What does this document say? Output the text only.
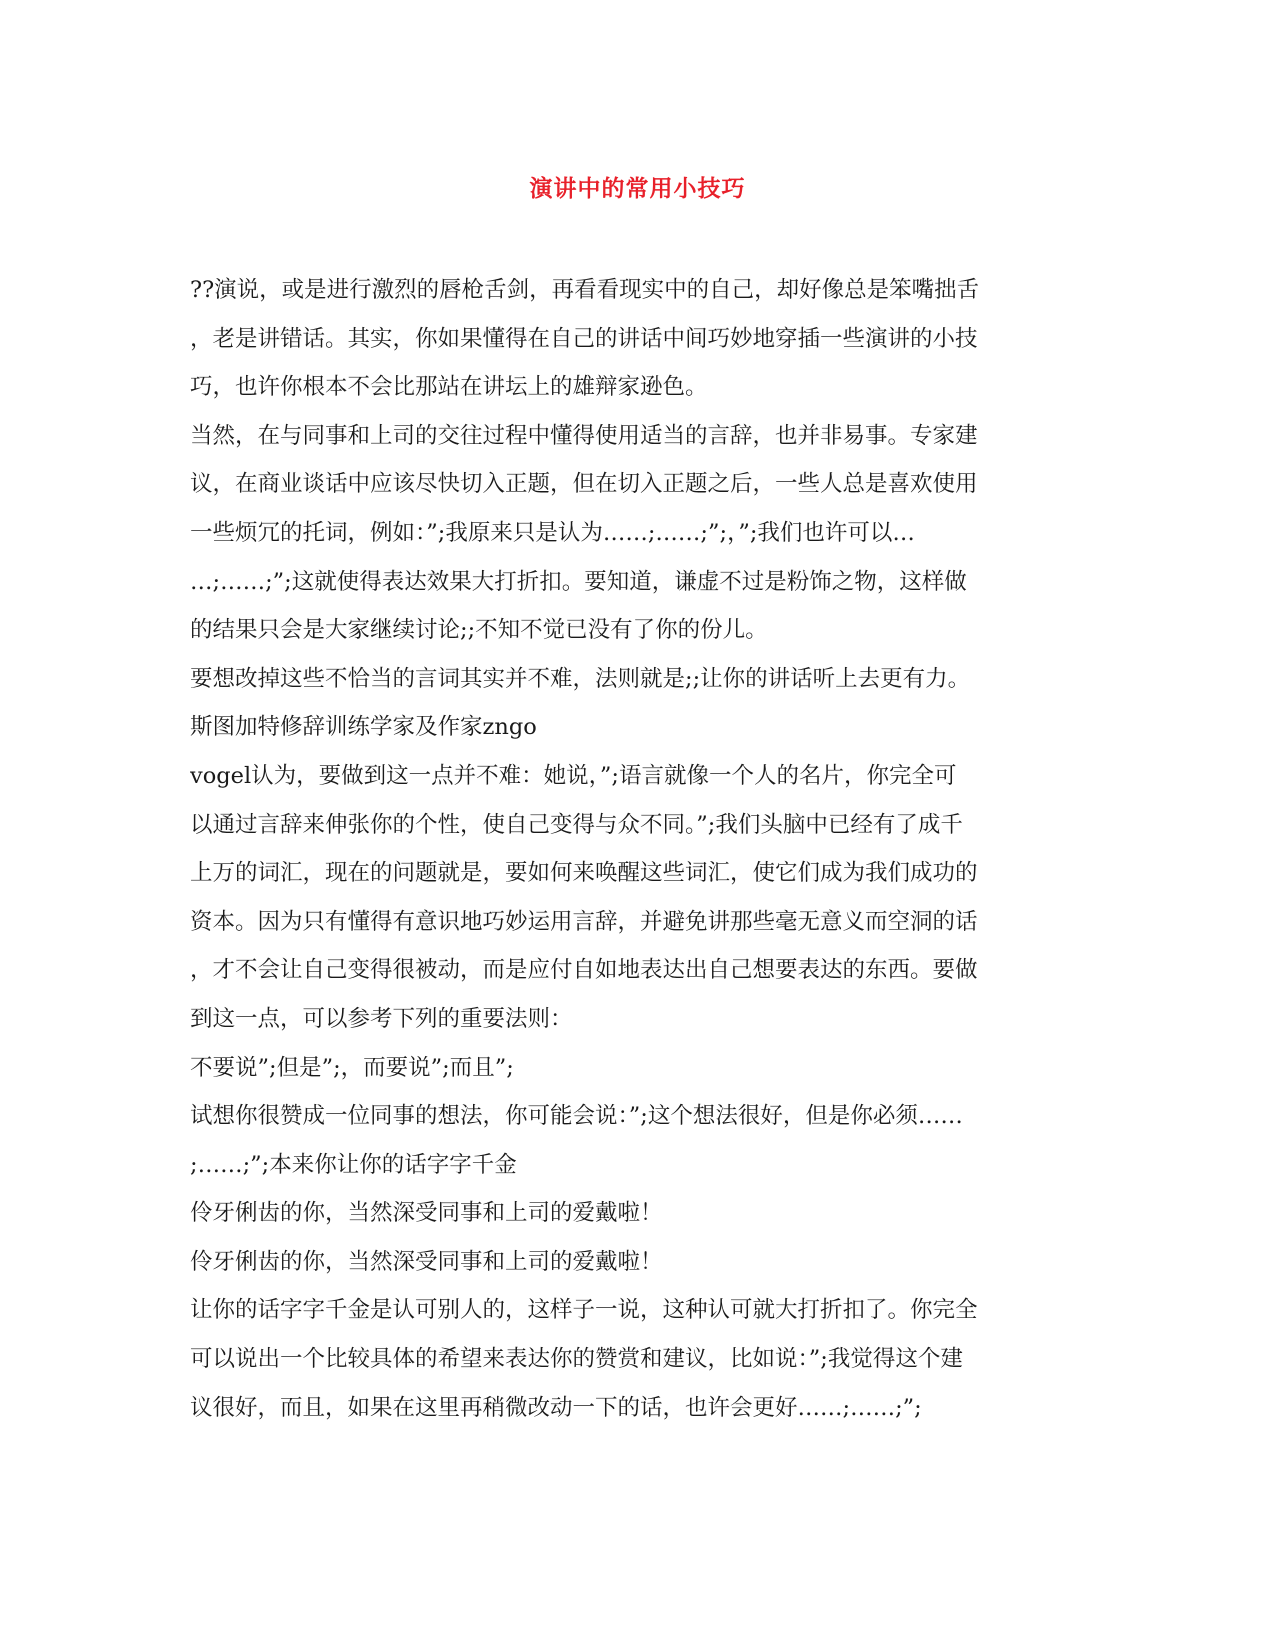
演讲中的常用小技巧
??演说，或是进行激烈的唇枪舌剑，再看看现实中的自己，却好像总是笨嘴拙舌
，老是讲错话。其实，你如果懂得在自己的讲话中间巧妙地穿插一些演讲的小技
巧，也许你根本不会比那站在讲坛上的雄辩家逊色。
当然，在与同事和上司的交往过程中懂得使用适当的言辞，也并非易事。专家建
议，在商业谈话中应该尽快切入正题，但在切入正题之后，一些人总是喜欢使用
一些烦冗的托词，例如：”;我原来只是认为……;……;”;，”;我们也许可以…
…;……;”;这就使得表达效果大打折扣。要知道，谦虚不过是粉饰之物，这样做
的结果只会是大家继续讨论;;不知不觉已没有了你的份儿。
要想改掉这些不恰当的言词其实并不难，法则就是;;让你的讲话听上去更有力。
斯图加特修辞训练学家及作家zngo
vogel认为，要做到这一点并不难：她说，”;语言就像一个人的名片，你完全可
以通过言辞来伸张你的个性，使自己变得与众不同。”;我们头脑中已经有了成千
上万的词汇，现在的问题就是，要如何来唤醒这些词汇，使它们成为我们成功的
资本。因为只有懂得有意识地巧妙运用言辞，并避免讲那些毫无意义而空洞的话
，才不会让自己变得很被动，而是应付自如地表达出自己想要表达的东西。要做
到这一点，可以参考下列的重要法则：
不要说”;但是”;，而要说”;而且”;
试想你很赞成一位同事的想法，你可能会说：”;这个想法很好，但是你必须……
;……;”;本来你让你的话字字千金
伶牙俐齿的你，当然深受同事和上司的爱戴啦！
伶牙俐齿的你，当然深受同事和上司的爱戴啦！
让你的话字字千金是认可别人的，这样子一说，这种认可就大打折扣了。你完全
可以说出一个比较具体的希望来表达你的赞赏和建议，比如说：”;我觉得这个建
议很好，而且，如果在这里再稍微改动一下的话，也许会更好……;……;”;
